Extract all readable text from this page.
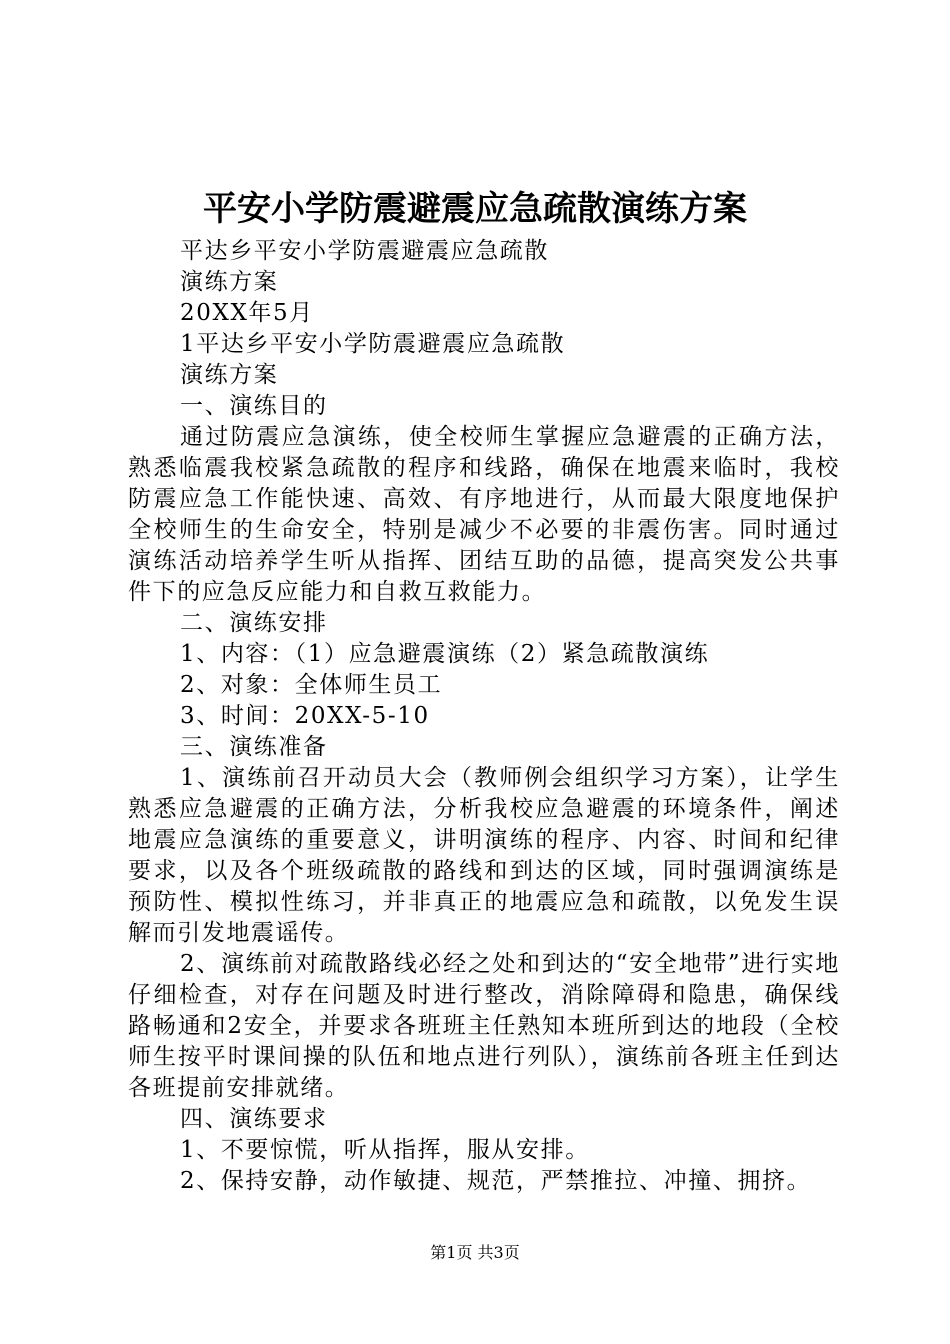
平安小学防震避震应急疏散演练方案
平达乡平安小学防震避震应急疏散
演练方案
20XX年5月
1平达乡平安小学防震避震应急疏散
演练方案
一、演练目的

通过防震应急演练，使全校师生掌握应急避震的正确方法，熟悉临震我校紧急疏散的程序和线路，确保在地震来临时，我校防震应急工作能快速、高效、有序地进行，从而最大限度地保护全校师生的生命安全，特别是减少不必要的非震伤害。同时通过演练活动培养学生听从指挥、团结互助的品德，提高突发公共事件下的应急反应能力和自救互救能力。

二、演练安排
1、内容：（1）应急避震演练（2）紧急疏散演练
2、对象：全体师生员工
3、时间：20XX-5-10
三、演练准备

1、演练前召开动员大会（教师例会组织学习方案），让学生熟悉应急避震的正确方法，分析我校应急避震的环境条件，阐述地震应急演练的重要意义，讲明演练的程序、内容、时间和纪律要求，以及各个班级疏散的路线和到达的区域，同时强调演练是预防性、模拟性练习，并非真正的地震应急和疏散，以免发生误解而引发地震谣传。

2、演练前对疏散路线必经之处和到达的“安全地带”进行实地仔细检查，对存在问题及时进行整改，消除障碍和隐患，确保线路畅通和2安全，并要求各班班主任熟知本班所到达的地段（全校师生按平时课间操的队伍和地点进行列队），演练前各班主任到达各班提前安排就绪。

四、演练要求
1、不要惊慌，听从指挥，服从安排。
2、保持安静，动作敏捷、规范，严禁推拉、冲撞、拥挤。
第1页 共3页
